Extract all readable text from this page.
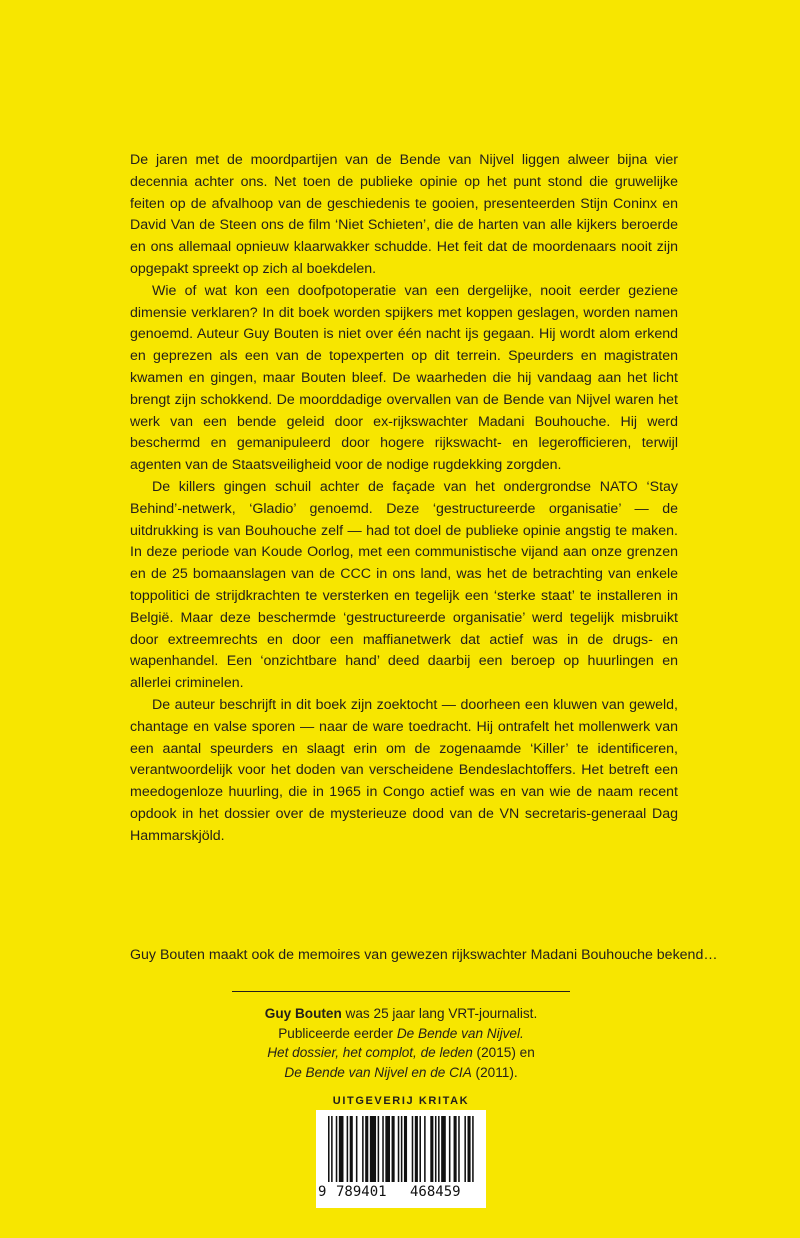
De jaren met de moordpartijen van de Bende van Nijvel liggen alweer bijna vier decennia achter ons. Net toen de publieke opinie op het punt stond die gruwelijke feiten op de afvalhoop van de geschiedenis te gooien, presenteerden Stijn Coninx en David Van de Steen ons de film ‘Niet Schieten’, die de harten van alle kijkers beroerde en ons allemaal opnieuw klaarwakker schudde. Het feit dat de moordenaars nooit zijn opgepakt spreekt op zich al boekdelen.

Wie of wat kon een doofpotoperatie van een dergelijke, nooit eerder geziene dimensie verklaren? In dit boek worden spijkers met koppen geslagen, worden namen genoemd. Auteur Guy Bouten is niet over één nacht ijs gegaan. Hij wordt alom erkend en geprezen als een van de topexperten op dit terrein. Speurders en magistraten kwamen en gingen, maar Bouten bleef. De waarheden die hij vandaag aan het licht brengt zijn schokkend. De moorddadige overvallen van de Bende van Nijvel waren het werk van een bende geleid door ex-rijkswachter Madani Bouhouche. Hij werd beschermd en gemanipuleerd door hogere rijkswacht- en legerofficieren, terwijl agenten van de Staatsveiligheid voor de nodige rugdekking zorgden.

De killers gingen schuil achter de façade van het ondergrondse NATO ‘Stay Behind’-netwerk, ‘Gladio’ genoemd. Deze ‘gestructureerde organisatie’ — de uitdrukking is van Bouhouche zelf — had tot doel de publieke opinie angstig te maken. In deze periode van Koude Oorlog, met een communistische vijand aan onze grenzen en de 25 bomaanslagen van de CCC in ons land, was het de betrachting van enkele toppolitici de strijdkrachten te versterken en tegelijk een ‘sterke staat’ te installeren in België. Maar deze beschermde ‘gestructureerde organisatie’ werd tegelijk misbruikt door extreemrechts en door een maffianetwerk dat actief was in de drugs- en wapenhandel. Een ‘onzichtbare hand’ deed daarbij een beroep op huurlingen en allerlei criminelen.

De auteur beschrijft in dit boek zijn zoektocht — doorheen een kluwen van geweld, chantage en valse sporen — naar de ware toedracht. Hij ontrafelt het mollenwerk van een aantal speurders en slaagt erin om de zogenaamde ‘Killer’ te identificeren, verantwoordelijk voor het doden van verscheidene Bendeslachtoffers. Het betreft een meedogenloze huurling, die in 1965 in Congo actief was en van wie de naam recent opdook in het dossier over de mysterieuze dood van de VN secretaris-generaal Dag Hammarskjöld.

Guy Bouten maakt ook de memoires van gewezen rijkswachter Madani Bouhouche bekend…
Guy Bouten was 25 jaar lang VRT-journalist.
Publiceerde eerder De Bende van Nijvel.
Het dossier, het complot, de leden (2015) en
De Bende van Nijvel en de CIA (2011).
UITGEVERIJ KRITAK
9 789401 468459
